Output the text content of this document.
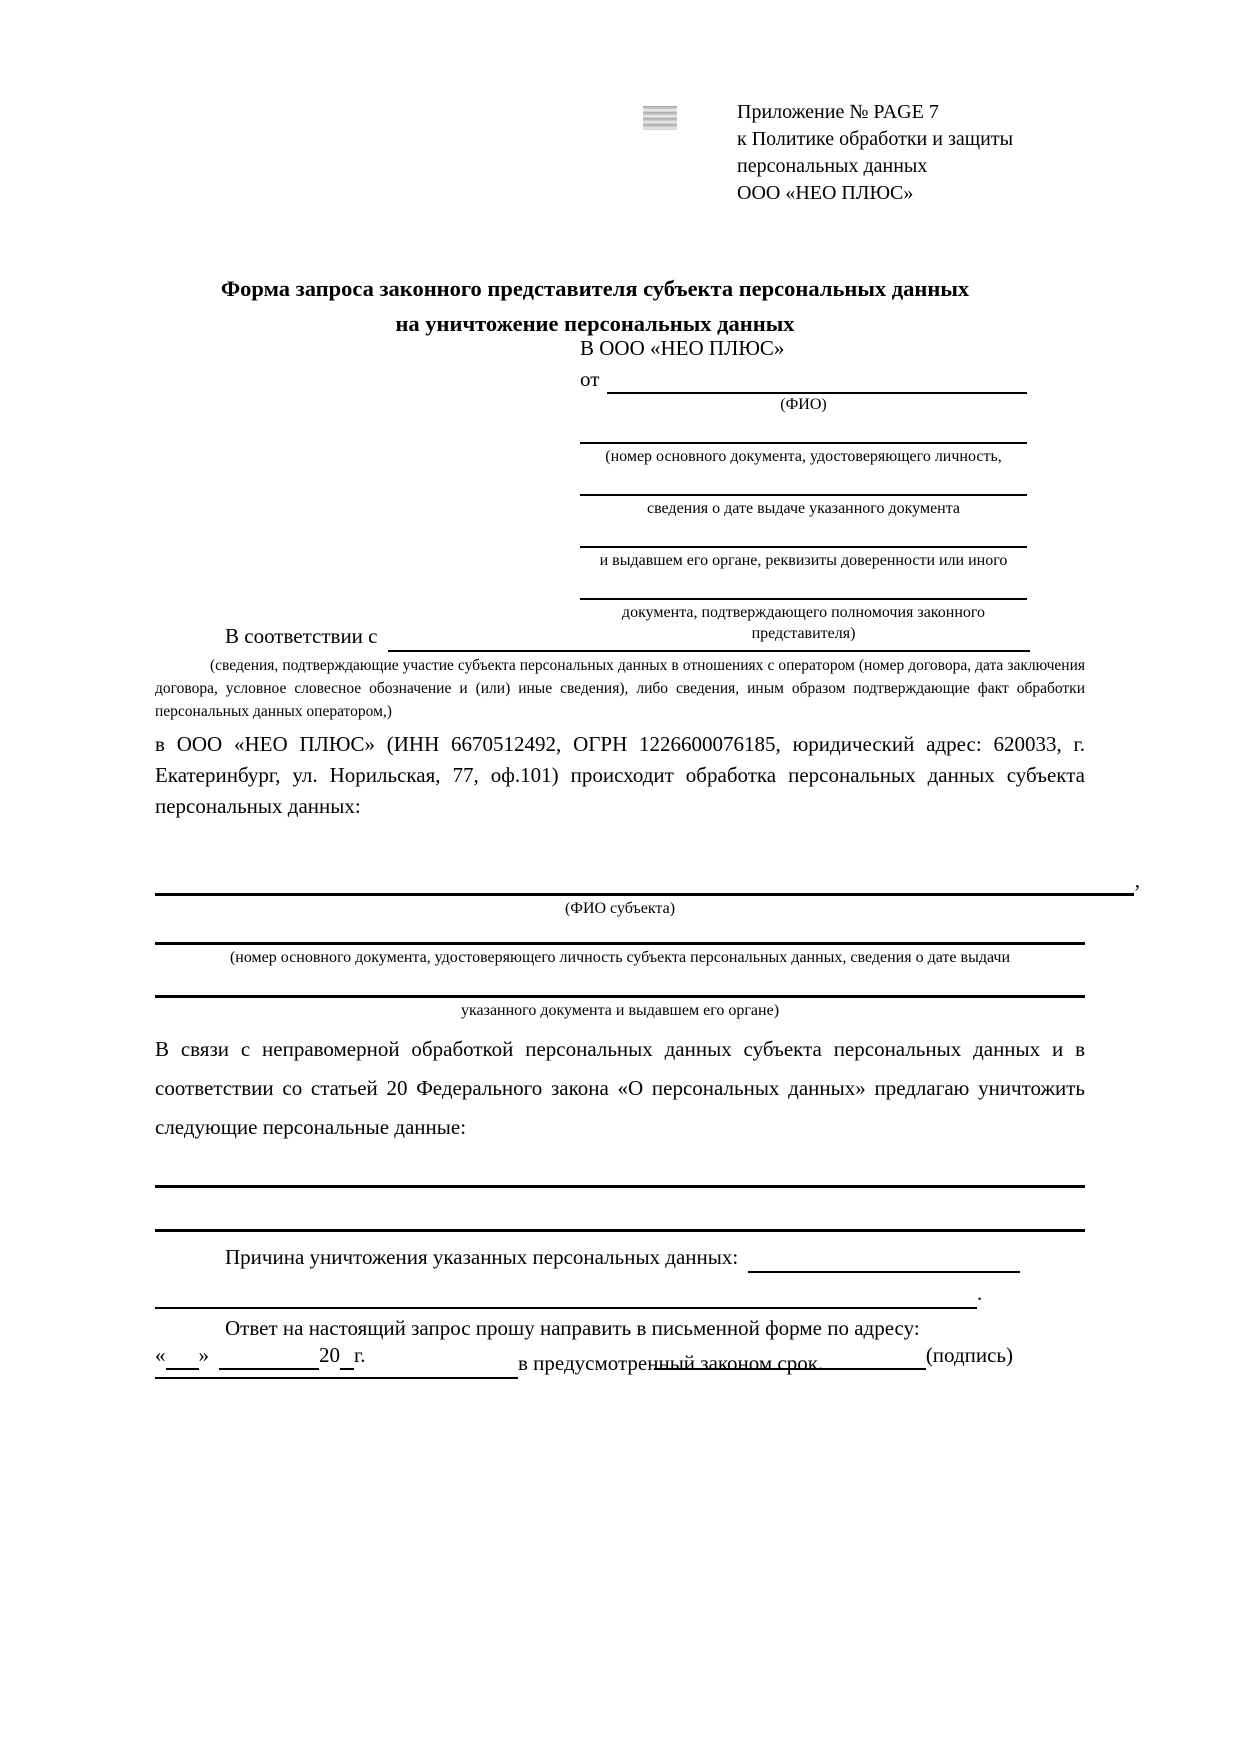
Приложение № PAGE 7
к Политике обработки и защиты
персональных данных
ООО «НЕО ПЛЮС»
Форма запроса законного представителя субъекта персональных данных
на уничтожение персональных данных
В ООО «НЕО ПЛЮС»
от
(ФИО)
(номер основного документа, удостоверяющего личность,
сведения о дате выдаче указанного документа
и выдавшем его органе, реквизиты доверенности или иного
документа, подтверждающего полномочия законного представителя)
В соответствии с
(сведения, подтверждающие участие субъекта персональных данных в отношениях с оператором (номер договора, дата заключения договора, условное словесное обозначение и (или) иные сведения), либо сведения, иным образом подтверждающие факт обработки персональных данных оператором,)
в ООО «НЕО ПЛЮС» (ИНН 6670512492, ОГРН 1226600076185, юридический адрес: 620033, г. Екатеринбург, ул. Норильская, 77, оф.101) происходит обработка персональных данных субъекта персональных данных:
,
(ФИО субъекта)
(номер основного документа, удостоверяющего личность субъекта персональных данных, сведения о дате выдачи
указанного документа и выдавшем его органе)
В связи с неправомерной обработкой персональных данных субъекта персональных данных и в соответствии со статьей 20 Федерального закона «О персональных данных» предлагаю уничтожить следующие персональные данные:
Причина уничтожения указанных персональных данных:
.
Ответ на настоящий запрос прошу направить в письменной форме по адресу:
в предусмотренный законом срок.
« »	20 г.	(подпись)
